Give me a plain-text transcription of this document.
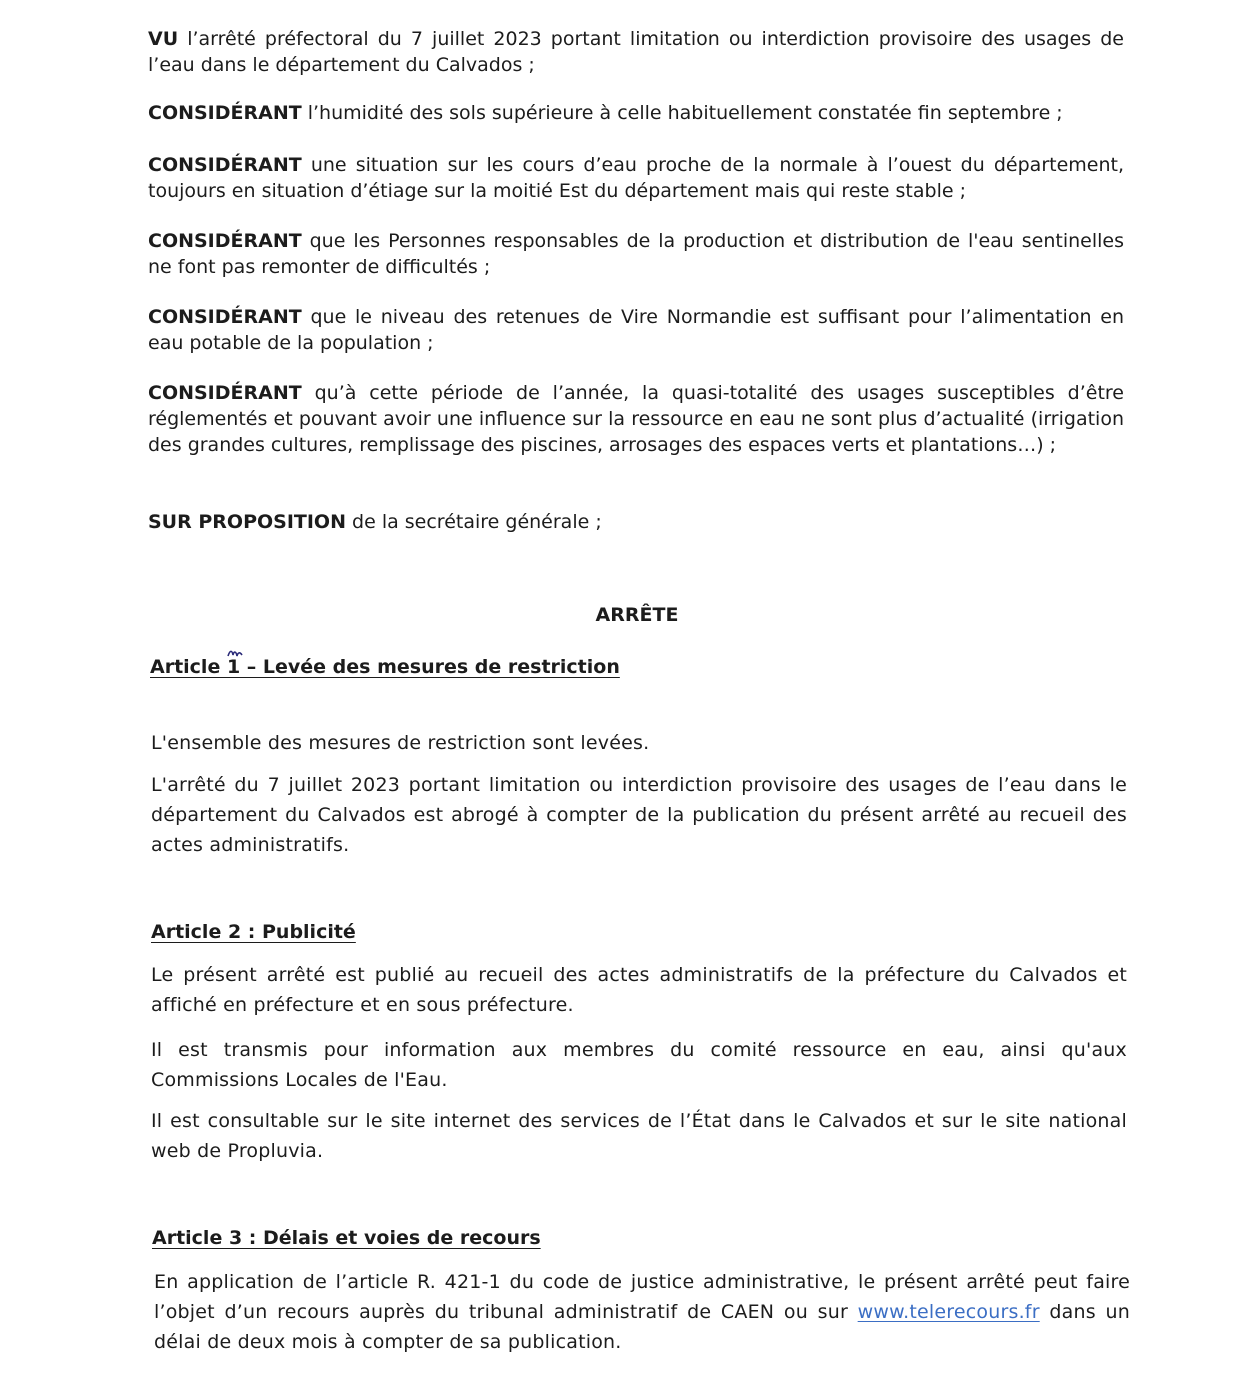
VU l’arrêté préfectoral du 7 juillet 2023 portant limitation ou interdiction provisoire des usages de l’eau dans le département du Calvados ;

CONSIDÉRANT l’humidité des sols supérieure à celle habituellement constatée fin septembre ;

CONSIDÉRANT une situation sur les cours d’eau proche de la normale à l’ouest du département, toujours en situation d’étiage sur la moitié Est du département mais qui reste stable ;

CONSIDÉRANT que les Personnes responsables de la production et distribution de l'eau sentinelles ne font pas remonter de difficultés ;

CONSIDÉRANT que le niveau des retenues de Vire Normandie est suffisant pour l’alimentation en eau potable de la population ;

CONSIDÉRANT qu’à cette période de l’année, la quasi-totalité des usages susceptibles d’être réglementés et pouvant avoir une influence sur la ressource en eau ne sont plus d’actualité (irrigation des grandes cultures, remplissage des piscines, arrosages des espaces verts et plantations…) ;

SUR PROPOSITION de la secrétaire générale ;

ARRÊTE

Article 1 – Levée des mesures de restriction

L'ensemble des mesures de restriction sont levées.

L'arrêté du 7 juillet 2023 portant limitation ou interdiction provisoire des usages de l’eau dans le département du Calvados est abrogé à compter de la publication du présent arrêté au recueil des actes administratifs.

Article 2 : Publicité

Le présent arrêté est publié au recueil des actes administratifs de la préfecture du Calvados et affiché en préfecture et en sous préfecture.

Il est transmis pour information aux membres du comité ressource en eau, ainsi qu'aux Commissions Locales de l'Eau.

Il est consultable sur le site internet des services de l’État dans le Calvados et sur le site national web de Propluvia.

Article 3 : Délais et voies de recours

En application de l’article R. 421-1 du code de justice administrative, le présent arrêté peut faire l’objet d’un recours auprès du tribunal administratif de CAEN ou sur www.telerecours.fr dans un délai de deux mois à compter de sa publication.
